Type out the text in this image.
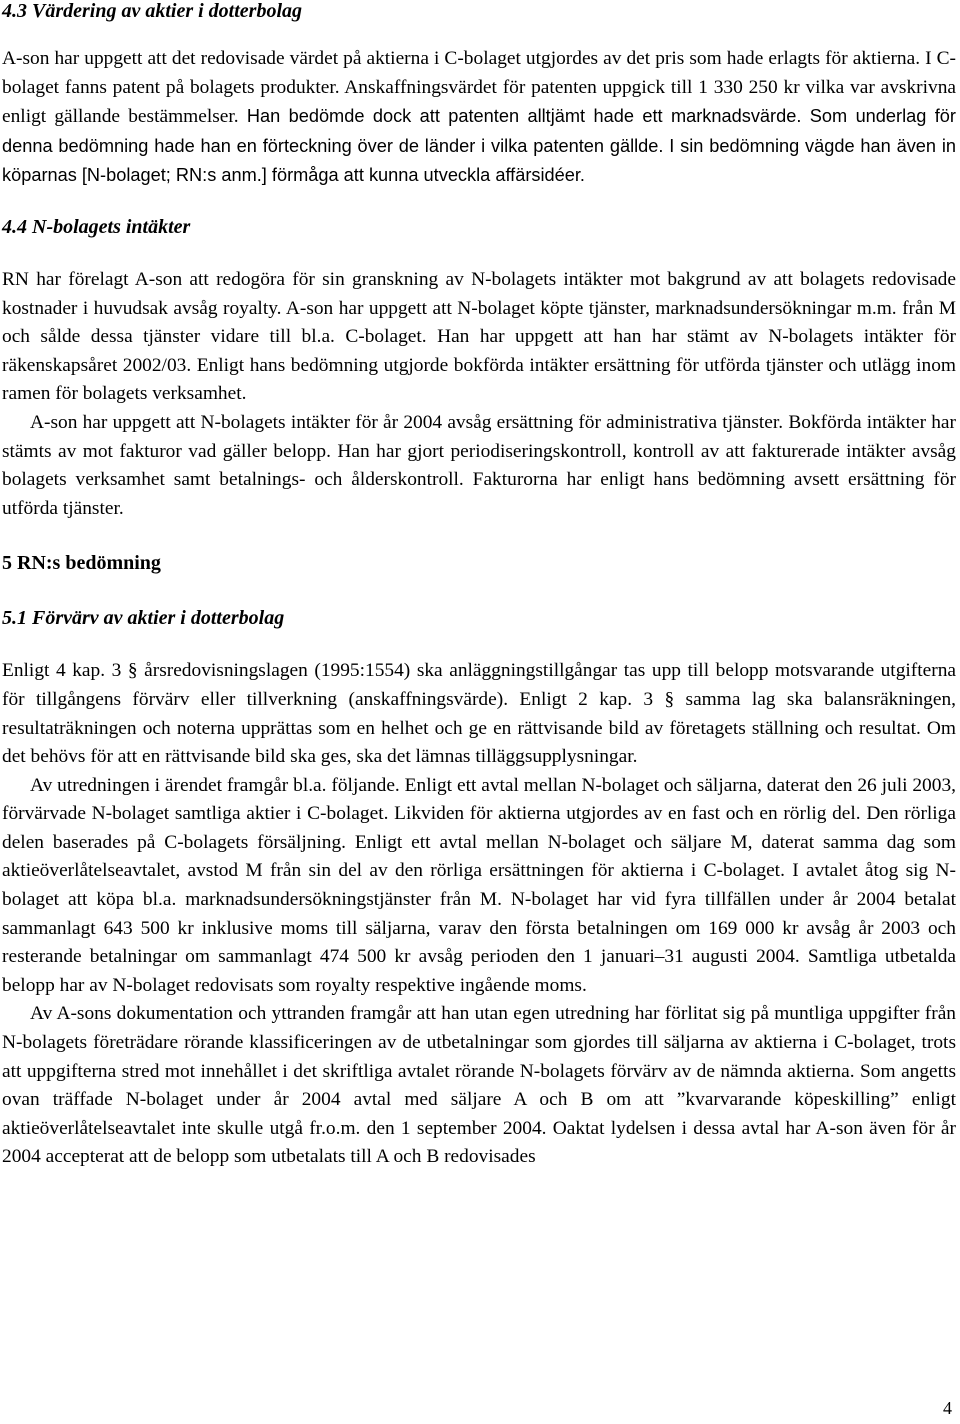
4.3 Värdering av aktier i dotterbolag

A-son har uppgett att det redovisade värdet på aktierna i C-bolaget utgjordes av det pris som hade erlagts för aktierna. I C-bolaget fanns patent på bolagets produkter. Anskaffningsvärdet för patenten uppgick till 1 330 250 kr vilka var avskrivna enligt gällande bestämmelser. Han bedömde dock att patenten alltjämt hade ett marknadsvärde. Som underlag för denna bedömning hade han en förteckning över de länder i vilka patenten gällde. I sin bedömning vägde han även in köparnas [N-bolaget; RN:s anm.] förmåga att kunna utveckla affärsidéer.

4.4 N-bolagets intäkter

RN har förelagt A-son att redogöra för sin granskning av N-bolagets intäkter mot bakgrund av att bolagets redovisade kostnader i huvudsak avsåg royalty. A-son har uppgett att N-bolaget köpte tjänster, marknadsundersökningar m.m. från M och sålde dessa tjänster vidare till bl.a. C-bolaget. Han har uppgett att han har stämt av N-bolagets intäkter för räkenskapsåret 2002/03. Enligt hans bedömning utgjorde bokförda intäkter ersättning för utförda tjänster och utlägg inom ramen för bolagets verksamhet.

A-son har uppgett att N-bolagets intäkter för år 2004 avsåg ersättning för administrativa tjänster. Bokförda intäkter har stämts av mot fakturor vad gäller belopp. Han har gjort periodiseringskontroll, kontroll av att fakturerade intäkter avsåg bolagets verksamhet samt betalnings- och ålderskontroll. Fakturorna har enligt hans bedömning avsett ersättning för utförda tjänster.

5 RN:s bedömning
5.1 Förvärv av aktier i dotterbolag

Enligt 4 kap. 3 § årsredovisningslagen (1995:1554) ska anläggningstillgångar tas upp till belopp motsvarande utgifterna för tillgångens förvärv eller tillverkning (anskaffningsvärde). Enligt 2 kap. 3 § samma lag ska balansräkningen, resultaträkningen och noterna upprättas som en helhet och ge en rättvisande bild av företagets ställning och resultat. Om det behövs för att en rättvisande bild ska ges, ska det lämnas tilläggsupplysningar.

Av utredningen i ärendet framgår bl.a. följande. Enligt ett avtal mellan N-bolaget och säljarna, daterat den 26 juli 2003, förvärvade N-bolaget samtliga aktier i C-bolaget. Likviden för aktierna utgjordes av en fast och en rörlig del. Den rörliga delen baserades på C-bolagets försäljning. Enligt ett avtal mellan N-bolaget och säljare M, daterat samma dag som aktieöverlåtelseavtalet, avstod M från sin del av den rörliga ersättningen för aktierna i C-bolaget. I avtalet åtog sig N-bolaget att köpa bl.a. marknadsundersökningstjänster från M. N-bolaget har vid fyra tillfällen under år 2004 betalat sammanlagt 643 500 kr inklusive moms till säljarna, varav den första betalningen om 169 000 kr avsåg år 2003 och resterande betalningar om sammanlagt 474 500 kr avsåg perioden den 1 januari–31 augusti 2004. Samtliga utbetalda belopp har av N-bolaget redovisats som royalty respektive ingående moms.

Av A-sons dokumentation och yttranden framgår att han utan egen utredning har förlitat sig på muntliga uppgifter från N-bolagets företrädare rörande klassificeringen av de utbetalningar som gjordes till säljarna av aktierna i C-bolaget, trots att uppgifterna stred mot innehållet i det skriftliga avtalet rörande N-bolagets förvärv av de nämnda aktierna. Som angetts ovan träffade N-bolaget under år 2004 avtal med säljare A och B om att ”kvarvarande köpeskilling” enligt aktieöverlåtelseavtalet inte skulle utgå fr.o.m. den 1 september 2004. Oaktat lydelsen i dessa avtal har A-son även för år 2004 accepterat att de belopp som utbetalats till A och B redovisades

4
